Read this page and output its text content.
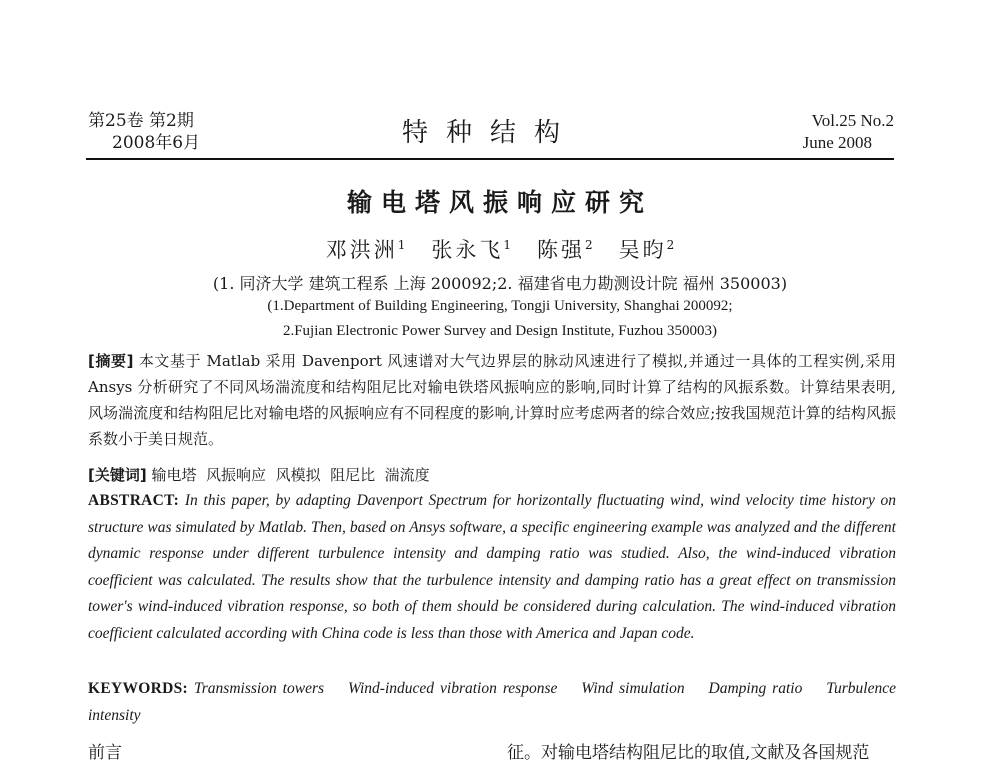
第25卷 第2期
2008年6月	特种结构	Vol.25 No.2
June 2008
输电塔风振响应研究
邓洪洲$^1$ 张永飞$^1$ 陈强$^2$ 吴昀$^2$
(1. 同济大学 建筑工程系 上海 200092;2. 福建省电力勘测设计院 福州 350003)
(1.Department of Building Engineering, Tongji University, Shanghai 200092;
2.Fujian Electronic Power Survey and Design Institute, Fuzhou 350003)
[摘要] 本文基于 Matlab 采用 Davenport 风速谱对大气边界层的脉动风速进行了模拟,并通过一具体的工程实例,采用 Ansys 分析研究了不同风场湍流度和结构阻尼比对输电铁塔风振响应的影响,同时计算了结构的风振系数。计算结果表明,风场湍流度和结构阻尼比对输电塔的风振响应有不同程度的影响,计算时应考虑两者的综合效应;按我国规范计算的结构风振系数小于美日规范。
[关键词] 输电塔  风振响应  风模拟  阻尼比  湍流度
ABSTRACT: In this paper, by adapting Davenport Spectrum for horizontally fluctuating wind, wind velocity time history on structure was simulated by Matlab. Then, based on Ansys software, a specific engineering example was analyzed and the different dynamic response under different turbulence intensity and damping ratio was studied. Also, the wind-induced vibration coefficient was calculated. The results show that the turbulence intensity and damping ratio has a great effect on transmission tower's wind-induced vibration response, so both of them should be considered during calculation. The wind-induced vibration coefficient calculated according with China code is less than those with America and Japan code.
KEYWORDS: Transmission towers    Wind-induced vibration response    Wind simulation    Damping ratio    Turbulence intensity
前言	征。对输电塔结构阻尼比的取值,文献及各国规范
